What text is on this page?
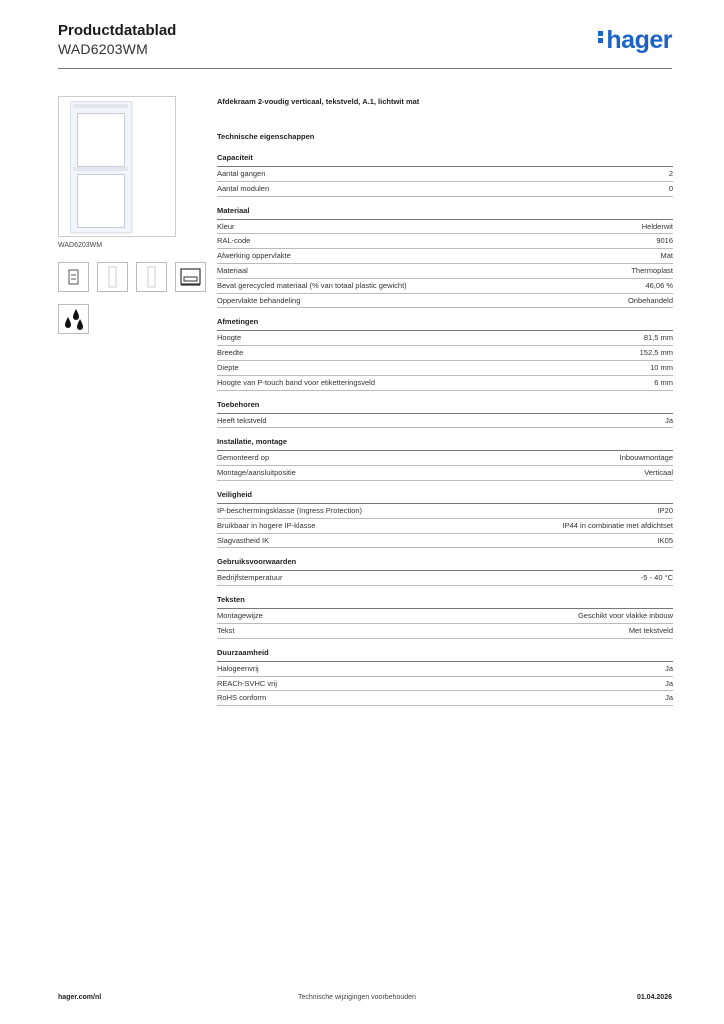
Productdatablad
WAD6203WM	hager
WAD6203WM
Afdekraam 2-voudig verticaal, tekstveld, A.1, lichtwit mat
Technische eigenschappen
Capaciteit
Aantal gangen	2
Aantal modulen	0
Materiaal
Kleur	Helderwit
RAL-code	9016
Afwerking oppervlakte	Mat
Materiaal	Thermoplast
Bevat gerecycled materiaal (% van totaal plastic gewicht)	46,06 %
Oppervlakte behandeling	Onbehandeld
Afmetingen
Hoogte	81,5 mm
Breedte	152,5 mm
Diepte	10 mm
Hoogte van P-touch band voor etiketteringsveld	6 mm
Toebehoren
Heeft tekstveld	Ja
Installatie, montage
Gemonteerd op	Inbouwmontage
Montage/aansluitpositie	Verticaal
Veiligheid
IP-beschermingsklasse (Ingress Protection)	IP20
Bruikbaar in hogere IP-klasse	IP44 in combinatie met afdichtset
Slagvastheid IK	IK05
Gebruiksvoorwaarden
Bedrijfstemperatuur	-5 - 40 °C
Teksten
Montagewijze	Geschikt voor vlakke inbouw
Tekst	Met tekstveld
Duurzaamheid
Halogeenvrij	Ja
REACh-SVHC vrij	Ja
RoHS conform	Ja
hager.com/nl	Technische wijzigingen voorbehouden	01.04.2026
